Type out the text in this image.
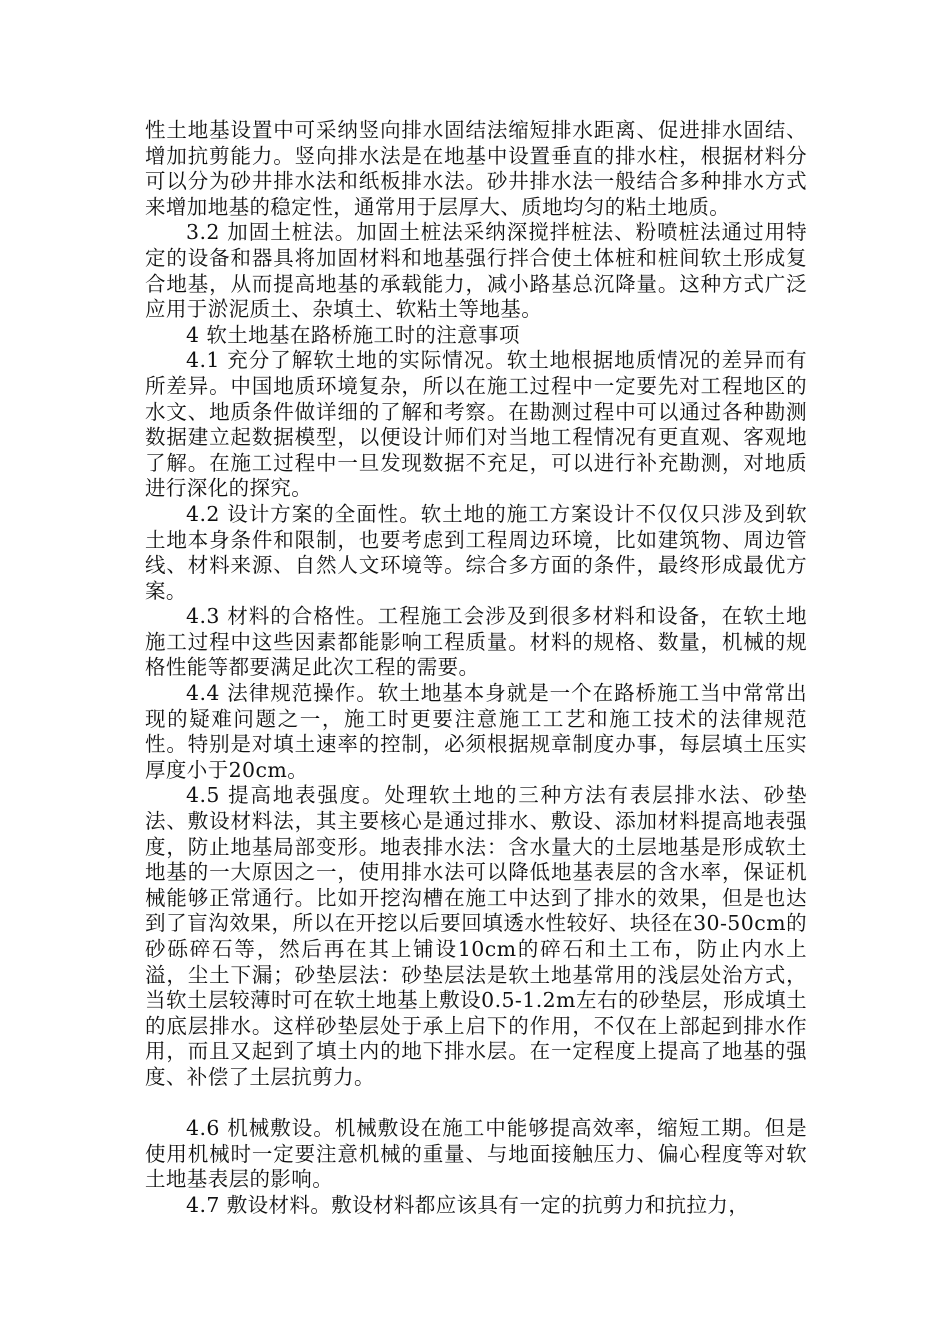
性土地基设置中可采纳竖向排水固结法缩短排水距离、促进排水固结、增加抗剪能力。竖向排水法是在地基中设置垂直的排水柱，根据材料分可以分为砂井排水法和纸板排水法。砂井排水法一般结合多种排水方式来增加地基的稳定性，通常用于层厚大、质地均匀的粘土地质。

3.2 加固土桩法。加固土桩法采纳深搅拌桩法、粉喷桩法通过用特定的设备和器具将加固材料和地基强行拌合使土体桩和桩间软土形成复合地基，从而提高地基的承载能力，减小路基总沉降量。这种方式广泛应用于淤泥质土、杂填土、软粘土等地基。

4 软土地基在路桥施工时的注意事项

4.1 充分了解软土地的实际情况。软土地根据地质情况的差异而有所差异。中国地质环境复杂，所以在施工过程中一定要先对工程地区的水文、地质条件做详细的了解和考察。在勘测过程中可以通过各种勘测数据建立起数据模型，以便设计师们对当地工程情况有更直观、客观地了解。在施工过程中一旦发现数据不充足，可以进行补充勘测，对地质进行深化的探究。

4.2 设计方案的全面性。软土地的施工方案设计不仅仅只涉及到软土地本身条件和限制，也要考虑到工程周边环境，比如建筑物、周边管线、材料来源、自然人文环境等。综合多方面的条件，最终形成最优方案。

4.3 材料的合格性。工程施工会涉及到很多材料和设备，在软土地施工过程中这些因素都能影响工程质量。材料的规格、数量，机械的规格性能等都要满足此次工程的需要。

4.4 法律规范操作。软土地基本身就是一个在路桥施工当中常常出现的疑难问题之一，施工时更要注意施工工艺和施工技术的法律规范性。特别是对填土速率的控制，必须根据规章制度办事，每层填土压实厚度小于20cm。

4.5 提高地表强度。处理软土地的三种方法有表层排水法、砂垫法、敷设材料法，其主要核心是通过排水、敷设、添加材料提高地表强度，防止地基局部变形。地表排水法：含水量大的土层地基是形成软土地基的一大原因之一，使用排水法可以降低地基表层的含水率，保证机械能够正常通行。比如开挖沟槽在施工中达到了排水的效果，但是也达到了盲沟效果，所以在开挖以后要回填透水性较好、块径在30-50cm的砂砾碎石等，然后再在其上铺设10cm的碎石和土工布，防止内水上溢，尘土下漏；砂垫层法：砂垫层法是软土地基常用的浅层处治方式，当软土层较薄时可在软土地基上敷设0.5-1.2m左右的砂垫层，形成填土的底层排水。这样砂垫层处于承上启下的作用，不仅在上部起到排水作用，而且又起到了填土内的地下排水层。在一定程度上提高了地基的强度、补偿了土层抗剪力。

4.6 机械敷设。机械敷设在施工中能够提高效率，缩短工期。但是使用机械时一定要注意机械的重量、与地面接触压力、偏心程度等对软土地基表层的影响。

4.7 敷设材料。敷设材料都应该具有一定的抗剪力和抗拉力，
